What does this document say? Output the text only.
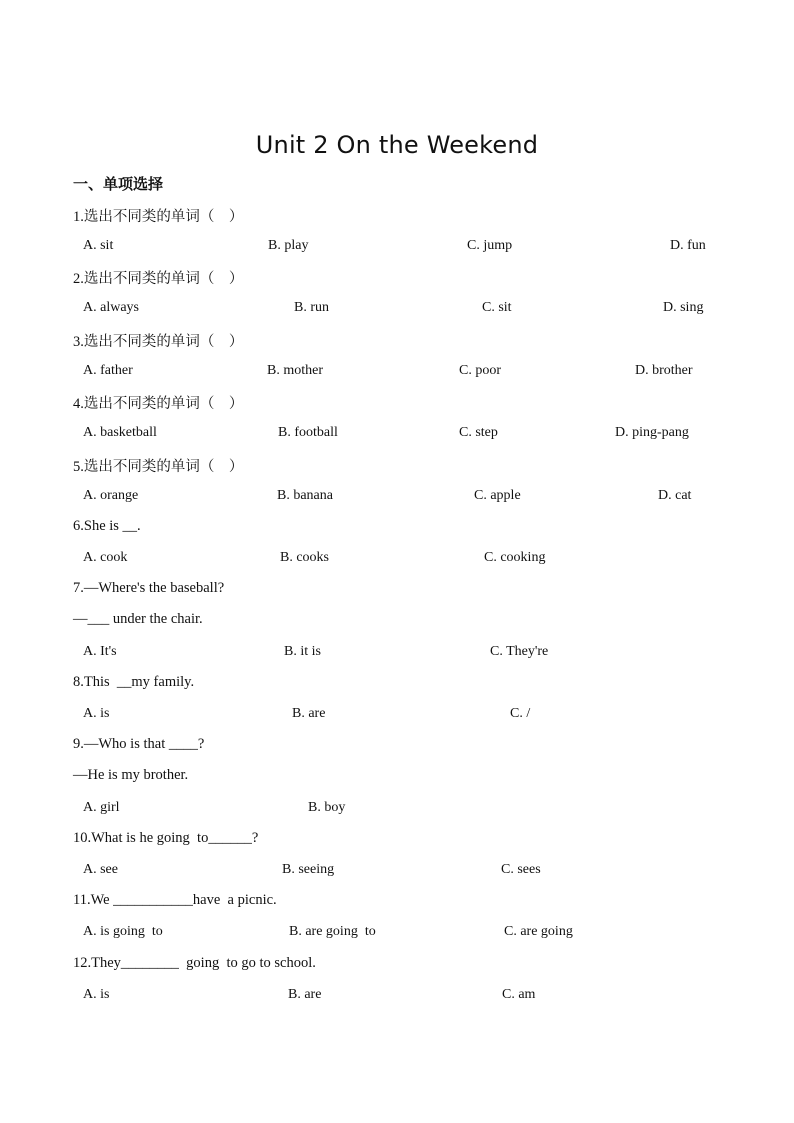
Unit 2 On the Weekend
一、单项选择
1.选出不同类的单词（    ）
A. sit	B. play	C. jump	D. fun
2.选出不同类的单词（    ）
A. always	B. run	C. sit	D. sing
3.选出不同类的单词（    ）
A. father	B. mother	C. poor	D. brother
4.选出不同类的单词（    ）
A. basketball	B. football	C. step	D. ping-pang
5.选出不同类的单词（    ）
A. orange	B. banana	C. apple	D. cat
6.She is __.
A. cook	B. cooks	C. cooking
7.—Where's the baseball?
—___ under the chair.
A. It's	B. it is	C. They're
8.This  __my family.
A. is	B. are	C. /
9.—Who is that ____?
—He is my brother.
A. girl	B. boy
10.What is he going  to______?
A. see	B. seeing	C. sees
11.We ___________have  a picnic.
A. is going  to	B. are going  to	C. are going
12.They________  going  to go to school.
A. is	B. are	C. am
